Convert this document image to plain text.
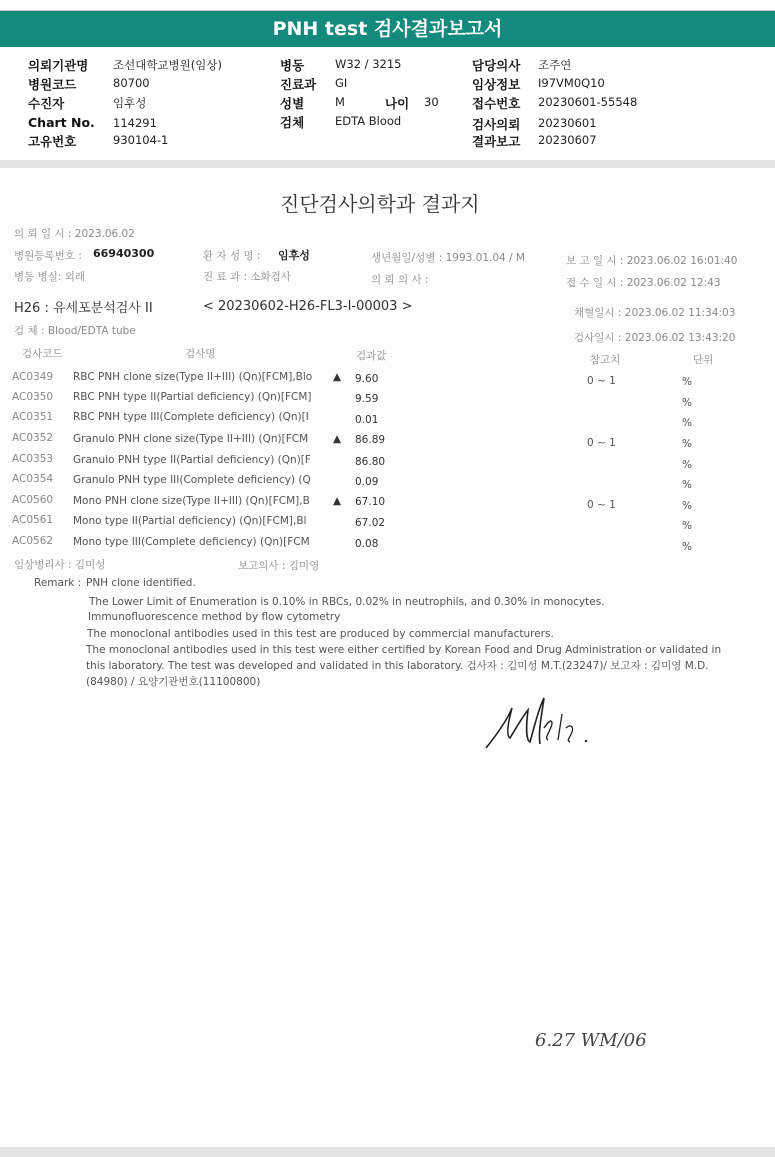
PNH test 검사결과보고서
의뢰기관명 조선대학교병원(임상)
병원코드	80700
수진자	임후성
Chart No. 114291
고유번호	930104-1
병동	W32 / 3215
진료과 GI
성별	M	나이 30
검체	EDTA Blood
담당의사 조주연
임상정보 I97VM0Q10
접수번호 20230601-55548
검사의뢰 20230601
결과보고 20230607
진단검사의학과 결과지
의 뢰 일 시 : 2023.06.02
병원등록번호 : 66940300	환 자 성 명 : 임후성	생년월일/성별 : 1993.01.04 / M	보 고 일 시 : 2023.06.02 16:01:40
병동 병실: 외래	진 료 과 : 소화검사	의 뢰 의 사 :	접 수 일 시 : 2023.06.02 12:43
H26 : 유세포분석검사 II	< 20230602-H26-FL3-I-00003 >	채혈일시 : 2023.06.02 11:34:03
검 체 : Blood/EDTA tube
검사일시 : 2023.06.02 13:43:20
검사코드	검사명	검과값	참고치	단위
AC0349 RBC PNH clone size(Type II+III) (Qn)[FCM],Blo ▲ 9.60	0 ~ 1	%
AC0350 RBC PNH type II(Partial deficiency) (Qn)[FCM]	9.59	%
AC0351 RBC PNH type III(Complete deficiency) (Qn)[I	0.01	%
AC0352 Granulo PNH clone size(Type II+III) (Qn)[FCM ▲ 86.89	0 ~ 1	%
AC0353 Granulo PNH type II(Partial deficiency) (Qn)[F	86.80	%
AC0354 Granulo PNH type III(Complete deficiency) (Q	0.09	%
AC0560 Mono PNH clone size(Type II+III) (Qn)[FCM],B ▲ 67.10	0 ~ 1	%
AC0561 Mono type II(Partial deficiency) (Qn)[FCM],Bl	67.02	%
AC0562 Mono type III(Complete deficiency) (Qn)[FCM	0.08	%
임상병리사 : 김미성	보고의사 : 김미영
Remark : PNH clone identified.
The Lower Limit of Enumeration is 0.10% in RBCs, 0.02% in neutrophils, and 0.30% in monocytes.
Immunofluorescence method by flow cytometry
The monoclonal antibodies used in this test are produced by commercial manufacturers.
The monoclonal antibodies used in this test were either certified by Korean Food and Drug Administration or validated in
this laboratory. The test was developed and validated in this laboratory. 검사자 : 김미성 M.T.(23247)/ 보고자 : 김미영 M.D.
(84980) / 요양기관번호(11100800)
6.27 WM/06
